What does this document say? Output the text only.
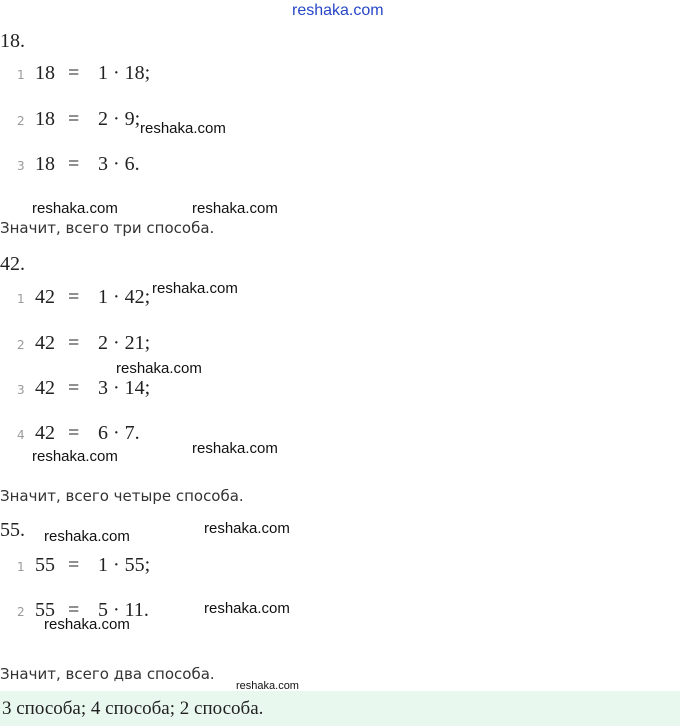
reshaka.com
18.
1 18 = 1 · 18;
2 18 = 2 · 9;
3 18 = 3 · 6.
Значит, всего три способа.
42.
1 42 = 1 · 42;
2 42 = 2 · 21;
3 42 = 3 · 14;
4 42 = 6 · 7.
Значит, всего четыре способа.
55.
1 55 = 1 · 55;
2 55 = 5 · 11.
Значит, всего два способа.
3 способа; 4 способа; 2 способа.
reshaka.com
reshaka.com	reshaka.com
reshaka.com
reshaka.com
reshaka.com
reshaka.com
reshaka.com
reshaka.com
reshaka.com
reshaka.com
reshaka.com
